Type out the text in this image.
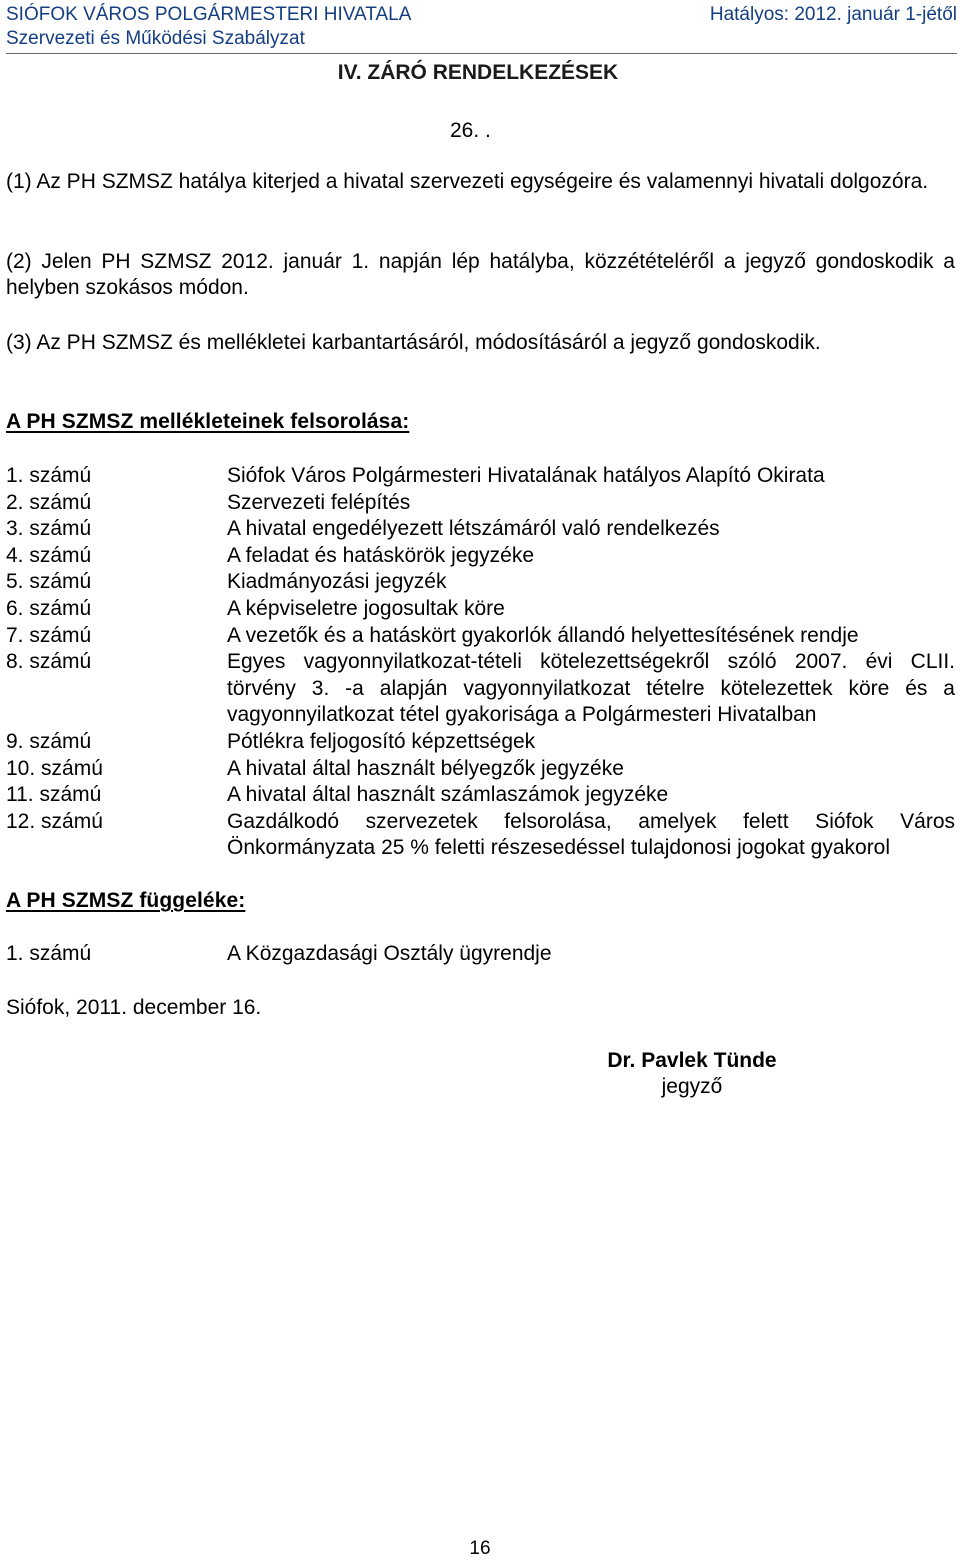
SIÓFOK VÁROS POLGÁRMESTERI HIVATALA	Hatályos: 2012. január 1-jétől
Szervezeti és Működési Szabályzat
IV. ZÁRÓ RENDELKEZÉSEK
26. .
(1) Az PH SZMSZ hatálya kiterjed a hivatal szervezeti egységeire és valamennyi hivatali dolgozóra.
(2) Jelen PH SZMSZ 2012. január 1. napján lép hatályba, közzétételéről a jegyző gondoskodik a helyben szokásos módon.
(3) Az PH SZMSZ és mellékletei karbantartásáról, módosításáról a jegyző gondoskodik.
A PH SZMSZ mellékleteinek felsorolása:
1. számú	Siófok Város Polgármesteri Hivatalának hatályos Alapító Okirata
2. számú	Szervezeti felépítés
3. számú	A hivatal engedélyezett létszámáról való rendelkezés
4. számú	A feladat és hatáskörök jegyzéke
5. számú	Kiadmányozási jegyzék
6. számú	A képviseletre jogosultak köre
7. számú	A vezetők és a hatáskört gyakorlók állandó helyettesítésének rendje
8. számú	Egyes vagyonnyilatkozat-tételi kötelezettségekről szóló 2007. évi CLII. törvény 3. -a alapján vagyonnyilatkozat tételre kötelezettek köre és a vagyonnyilatkozat tétel gyakorisága a Polgármesteri Hivatalban
9. számú	Pótlékra feljogosító képzettségek
10. számú	A hivatal által használt bélyegzők jegyzéke
11. számú	A hivatal által használt számlaszámok jegyzéke
12. számú	Gazdálkodó szervezetek felsorolása, amelyek felett Siófok Város Önkormányzata 25 % feletti részesedéssel tulajdonosi jogokat gyakorol
A PH SZMSZ függeléke:
1. számú	A Közgazdasági Osztály ügyrendje
Siófok, 2011. december 16.
Dr. Pavlek Tünde
jegyző
16
